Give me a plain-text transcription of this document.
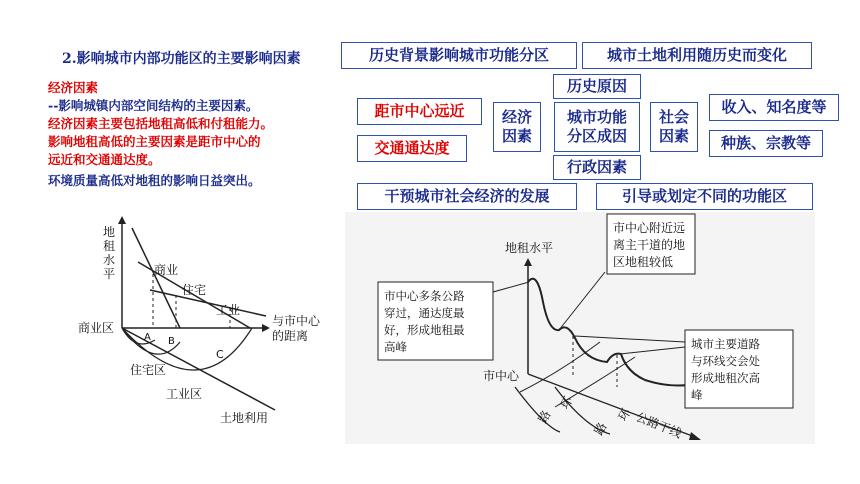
2.影响城市内部功能区的主要影响因素
经济因素
--影响城镇内部空间结构的主要因素。
经济因素主要包括地租高低和付租能力。
影响地租高低的主要因素是距市中心的
远近和交通通达度。
环境质量高低对地租的影响日益突出。
历史背景影响城市功能分区	城市土地利用随历史而变化
历史原因
距市中心远近
交通通达度
经济
因素
城市功能
分区成因
社会
因素
收入、知名度等
种族、宗教等
行政因素
干预城市社会经济的发展	引导或划定不同的功能区
地
租
水
平	商业
住宅
工业
商业区	与市中心
的距离
A B
C
住宅区
工业区
土地利用
地租水平
市中心
市中心附近远
离主干道的地
区地租较低
市中心多条公路
穿过，通达度最
好，形成地租最
高峰	城市主要道路
与环线交会处
形成地租次高
峰
环
路	环
路 公路干线
